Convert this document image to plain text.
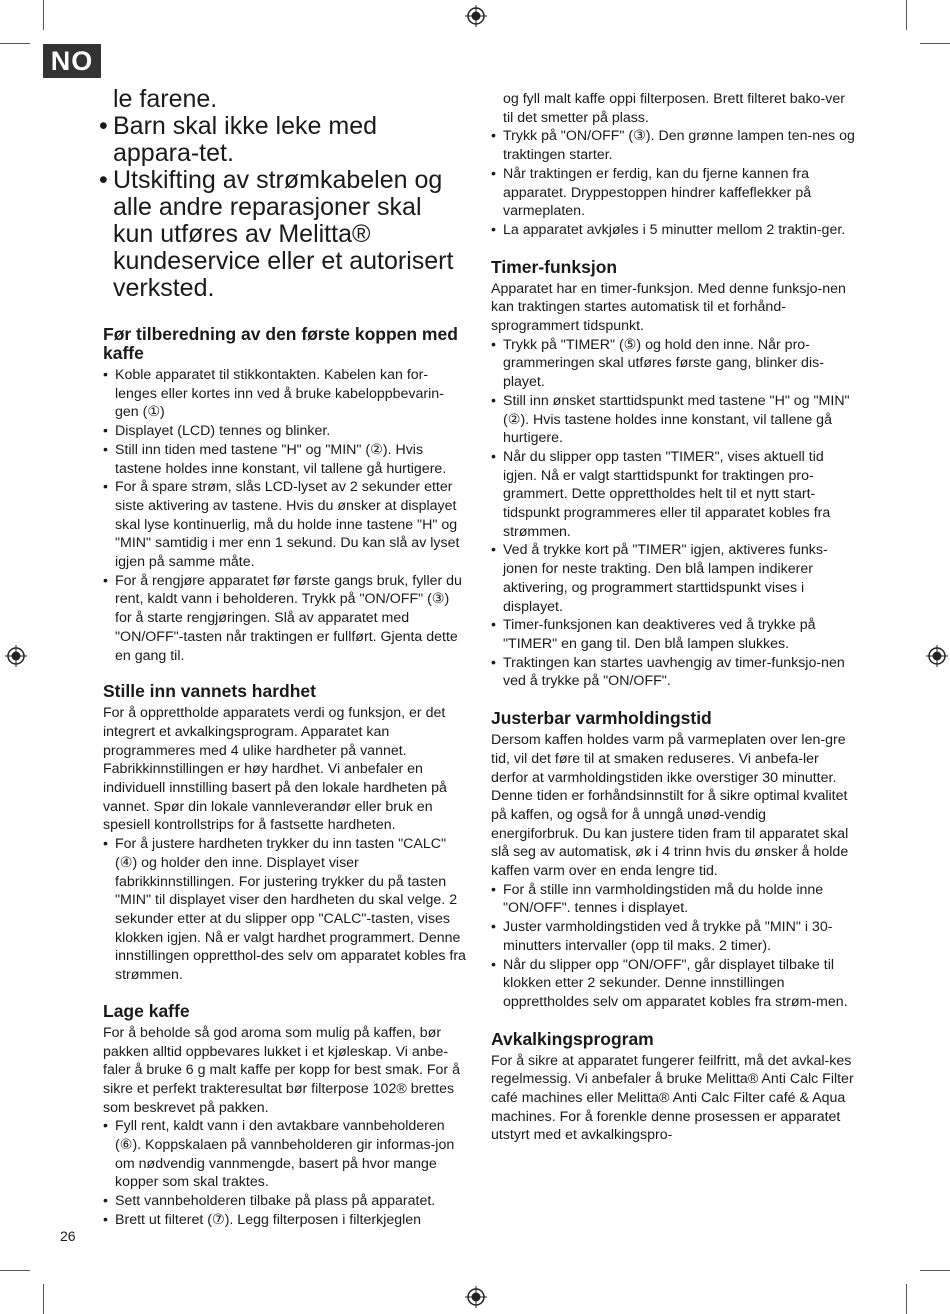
NO
le farene.
• Barn skal ikke leke med appara-tet.
• Utskifting av strømkabelen og alle andre reparasjoner skal kun utføres av Melitta® kundeservice eller et autorisert verksted.
Før tilberedning av den første koppen med kaffe
• Koble apparatet til stikkontakten. Kabelen kan for-lenges eller kortes inn ved å bruke kabeloppbevarin-gen (①)
• Displayet (LCD) tennes og blinker.
• Still inn tiden med tastene "H" og "MIN" (②). Hvis tastene holdes inne konstant, vil tallene gå hurtigere.
• For å spare strøm, slås LCD-lyset av 2 sekunder etter siste aktivering av tastene. Hvis du ønsker at displayet skal lyse kontinuerlig, må du holde inne tastene "H" og "MIN" samtidig i mer enn 1 sekund. Du kan slå av lyset igjen på samme måte.
• For å rengjøre apparatet før første gangs bruk, fyller du rent, kaldt vann i beholderen. Trykk på "ON/OFF" (③) for å starte rengjøringen. Slå av apparatet med "ON/OFF"-tasten når traktingen er fullført. Gjenta dette en gang til.
Stille inn vannets hardhet

For å opprettholde apparatets verdi og funksjon, er det integrert et avkalkingsprogram. Apparatet kan programmeres med 4 ulike hardheter på vannet. Fabrikkinnstillingen er høy hardhet. Vi anbefaler en individuell innstilling basert på den lokale hardheten på vannet. Spør din lokale vannleverandør eller bruk en spesiell kontrollstrips for å fastsette hardheten.

• For å justere hardheten trykker du inn tasten "CALC" (④) og holder den inne. Displayet viser fabrikkinnstillingen. For justering trykker du på tasten "MIN" til displayet viser den hardheten du skal velge. 2 sekunder etter at du slipper opp "CALC"-tasten, vises klokken igjen. Nå er valgt hardhet programmert. Denne innstillingen oppretthol-des selv om apparatet kobles fra strømmen.
Lage kaffe

For å beholde så god aroma som mulig på kaffen, bør pakken alltid oppbevares lukket i et kjøleskap. Vi anbe-faler å bruke 6 g malt kaffe per kopp for best smak. For å sikre et perfekt trakteresultat bør filterpose 102® brettes som beskrevet på pakken.

• Fyll rent, kaldt vann i den avtakbare vannbeholderen (⑥). Koppskalaen på vannbeholderen gir informas-jon om nødvendig vannmengde, basert på hvor mange kopper som skal traktes.
• Sett vannbeholderen tilbake på plass på apparatet.
• Brett ut filteret (⑦). Legg filterposen i filterkjeglen

og fyll malt kaffe oppi filterposen. Brett filteret bako-ver til det smetter på plass.

• Trykk på "ON/OFF" (③). Den grønne lampen ten-nes og traktingen starter.
• Når traktingen er ferdig, kan du fjerne kannen fra apparatet. Dryppestoppen hindrer kaffeflekker på varmeplaten.
• La apparatet avkjøles i 5 minutter mellom 2 traktin-ger.
Timer-funksjon

Apparatet har en timer-funksjon. Med denne funksjo-nen kan traktingen startes automatisk til et forhånd-sprogrammert tidspunkt.

• Trykk på "TIMER" (⑤) og hold den inne. Når pro-grammeringen skal utføres første gang, blinker dis-playet.
• Still inn ønsket starttidspunkt med tastene "H" og "MIN" (②). Hvis tastene holdes inne konstant, vil tallene gå hurtigere.
• Når du slipper opp tasten "TIMER", vises aktuell tid igjen. Nå er valgt starttidspunkt for traktingen pro-grammert. Dette opprettholdes helt til et nytt start-tidspunkt programmeres eller til apparatet kobles fra strømmen.
• Ved å trykke kort på "TIMER" igjen, aktiveres funks-jonen for neste trakting. Den blå lampen indikerer aktivering, og programmert starttidspunkt vises i displayet.
• Timer-funksjonen kan deaktiveres ved å trykke på "TIMER" en gang til. Den blå lampen slukkes.
• Traktingen kan startes uavhengig av timer-funksjo-nen ved å trykke på "ON/OFF".
Justerbar varmholdingstid

Dersom kaffen holdes varm på varmeplaten over len-gre tid, vil det føre til at smaken reduseres. Vi anbefa-ler derfor at varmholdingstiden ikke overstiger 30 minutter. Denne tiden er forhåndsinnstilt for å sikre optimal kvalitet på kaffen, og også for å unngå unød-vendig energiforbruk. Du kan justere tiden fram til apparatet skal slå seg av automatisk, øk i 4 trinn hvis du ønsker å holde kaffen varm over en enda lengre tid.

• For å stille inn varmholdingstiden må du holde inne "ON/OFF". tennes i displayet.
• Juster varmholdingstiden ved å trykke på "MIN" i 30-minutters intervaller (opp til maks. 2 timer).
• Når du slipper opp "ON/OFF", går displayet tilbake til klokken etter 2 sekunder. Denne innstillingen opprettholdes selv om apparatet kobles fra strøm-men.
Avkalkingsprogram

For å sikre at apparatet fungerer feilfritt, må det avkal-kes regelmessig. Vi anbefaler å bruke Melitta® Anti Calc Filter café machines eller Melitta® Anti Calc Filter café & Aqua machines. For å forenkle denne prosessen er apparatet utstyrt med et avkalkingspro-

26
